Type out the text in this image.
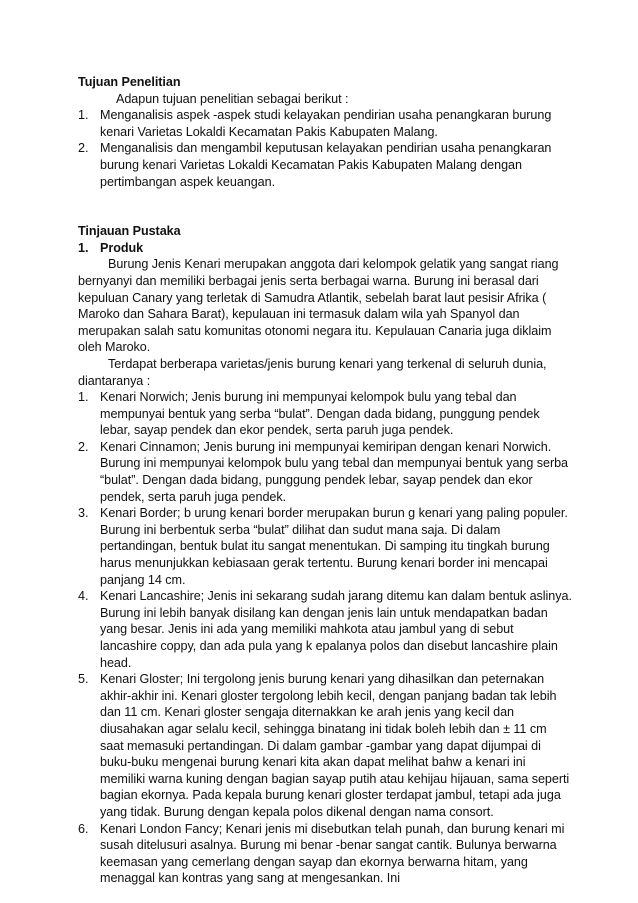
Tujuan Penelitian

Adapun tujuan penelitian sebagai berikut :

1. Menganalisis aspek -aspek studi kelayakan pendirian usaha penangkaran burung kenari Varietas Lokaldi Kecamatan Pakis Kabupaten Malang.
2. Menganalisis dan mengambil keputusan kelayakan pendirian usaha penangkaran burung kenari Varietas Lokaldi Kecamatan Pakis Kabupaten Malang dengan pertimbangan aspek keuangan.

Tinjauan Pustaka

1. Produk

Burung Jenis Kenari merupakan anggota dari kelompok gelatik yang sangat riang bernyanyi dan memiliki berbagai jenis serta berbagai warna. Burung ini berasal dari kepuluan Canary yang terletak di Samudra Atlantik, sebelah barat laut pesisir Afrika ( Maroko dan Sahara Barat), kepulauan ini termasuk dalam wila yah Spanyol dan merupakan salah satu komunitas otonomi negara itu. Kepulauan Canaria juga diklaim oleh Maroko.

Terdapat berberapa varietas/jenis burung kenari yang terkenal di seluruh dunia, diantaranya :

1. Kenari Norwich; Jenis burung ini mempunyai kelompok bulu yang tebal dan mempunyai bentuk yang serba “bulat”. Dengan dada bidang, punggung pendek lebar, sayap pendek dan ekor pendek, serta paruh juga pendek.
2. Kenari Cinnamon; Jenis burung ini mempunyai kemiripan dengan kenari Norwich. Burung ini mempunyai kelompok bulu yang tebal dan mempunyai bentuk yang serba “bulat”. Dengan dada bidang, punggung pendek lebar, sayap pendek dan ekor pendek, serta paruh juga pendek.
3. Kenari Border; b urung kenari border merupakan burun g kenari yang paling populer. Burung ini berbentuk serba “bulat” dilihat dan sudut mana saja. Di dalam pertandingan, bentuk bulat itu sangat menentukan. Di samping itu tingkah burung harus menunjukkan kebiasaan gerak tertentu. Burung kenari border ini mencapai panjang 14 cm.
4. Kenari Lancashire; Jenis ini sekarang sudah jarang ditemu kan dalam bentuk aslinya. Burung ini lebih banyak disilang kan dengan jenis lain untuk mendapatkan badan yang besar. Jenis ini ada yang memiliki mahkota atau jambul yang di sebut lancashire coppy, dan ada pula yang k epalanya polos dan disebut lancashire plain head.
5. Kenari Gloster; Ini tergolong jenis burung kenari yang dihasilkan dan peternakan akhir-akhir ini. Kenari gloster tergolong lebih kecil, dengan panjang badan tak lebih dan 11 cm. Kenari gloster sengaja diternakkan ke arah jenis yang kecil dan diusahakan agar selalu kecil, sehingga binatang ini tidak boleh lebih dan ± 11 cm saat memasuki pertandingan. Di dalam gambar -gambar yang dapat dijumpai di buku-buku mengenai burung kenari kita akan dapat melihat bahw a kenari ini memiliki warna kuning dengan bagian sayap putih atau kehijau hijauan, sama seperti bagian ekornya. Pada kepala burung kenari gloster terdapat jambul, tetapi ada juga yang tidak. Burung dengan kepala polos dikenal dengan nama consort.
6. Kenari London Fancy; Kenari jenis mi disebutkan telah punah, dan burung kenari mi susah ditelusuri asalnya. Burung mi benar -benar sangat cantik. Bulunya berwarna keemasan yang cemerlang dengan sayap dan ekornya berwarna hitam, yang menaggal kan kontras yang sang at mengesankan. Ini
